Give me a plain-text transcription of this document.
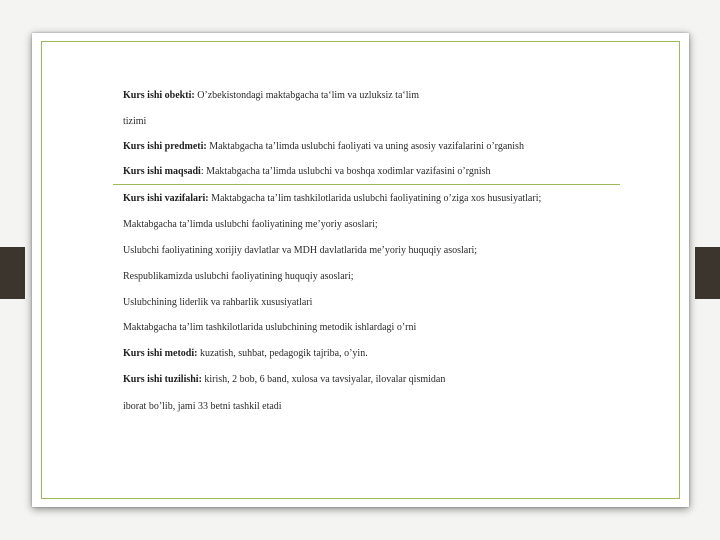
Kurs ishi obekti: O’zbekistondagi maktabgacha ta‘lim va uzluksiz ta‘lim
tizimi
Kurs ishi predmeti: Maktabgacha ta’limda uslubchi faoliyati va uning asosiy vazifalarini o’rganish
Kurs ishi maqsadi: Maktabgacha ta’limda uslubchi va boshqa xodimlar vazifasini o’rgnish
Kurs ishi vazifalari: Maktabgacha ta’lim tashkilotlarida uslubchi faoliyatining o’ziga xos hususiyatlari;
Maktabgacha ta’limda uslubchi faoliyatining me’yoriy asoslari;
Uslubchi faoliyatining xorijiy davlatlar va MDH davlatlarida me’yoriy huquqiy asoslari;
Respublikamizda uslubchi faoliyatining huquqiy asoslari;
Uslubchining liderlik va rahbarlik xususiyatlari
Maktabgacha ta’lim tashkilotlarida uslubchining metodik ishlardagi o’rni
Kurs ishi metodi: kuzatish, suhbat, pedagogik tajriba, o’yin.
Kurs ishi tuzilishi: kirish, 2 bob, 6 band, xulosa va tavsiyalar, ilovalar qismidan
iborat bo’lib, jami 33 betni tashkil etadi
